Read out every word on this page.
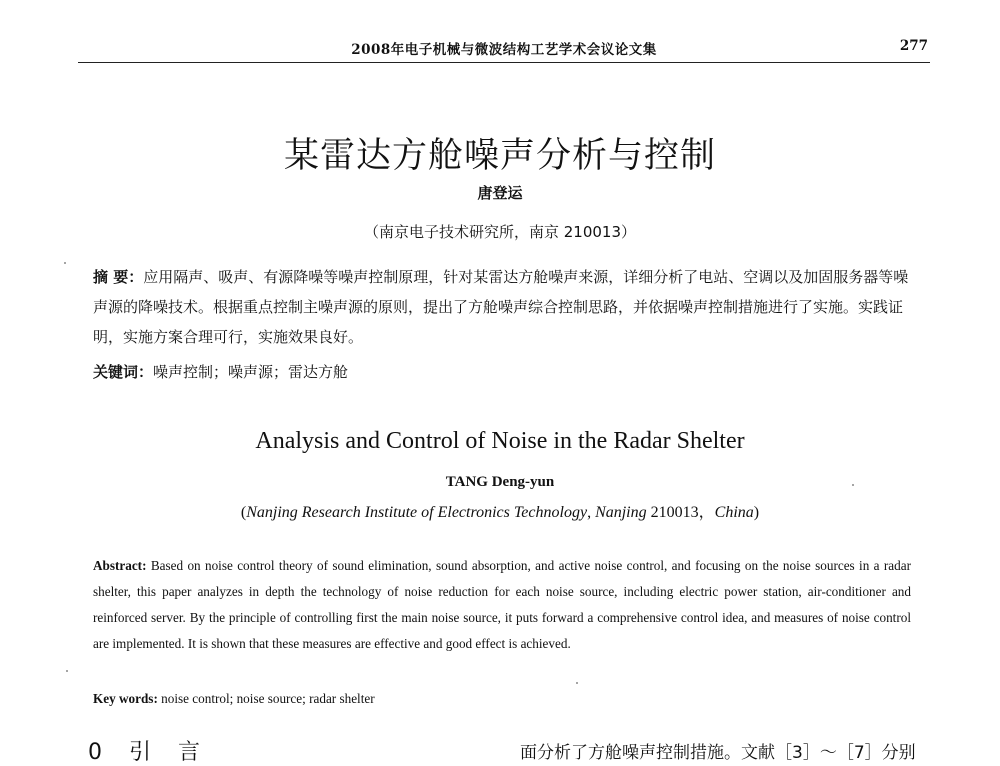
2008年电子机械与微波结构工艺学术会议论文集	277
某雷达方舱噪声分析与控制
唐登运
（南京电子技术研究所，南京 210013）
摘 要：应用隔声、吸声、有源降噪等噪声控制原理，针对某雷达方舱噪声来源，详细分析了电站、空调以及加固服务器等噪声源的降噪技术。根据重点控制主噪声源的原则，提出了方舱噪声综合控制思路，并依据噪声控制措施进行了实施。实践证明，实施方案合理可行，实施效果良好。
关键词：噪声控制；噪声源；雷达方舱
Analysis and Control of Noise in the Radar Shelter
TANG Deng-yun
(Nanjing Research Institute of Electronics Technology, Nanjing 210013，China)
Abstract: Based on noise control theory of sound elimination, sound absorption, and active noise control, and focusing on the noise sources in a radar shelter, this paper analyzes in depth the technology of noise reduction for each noise source, including electric power station, air-conditioner and reinforced server. By the principle of controlling first the main noise source, it puts forward a comprehensive control idea, and measures of noise control are implemented. It is shown that these measures are effective and good effect is achieved.
Key words: noise control; noise source; radar shelter
0 引 言	面分析了方舱噪声控制措施。文献［3］～［7］分别
